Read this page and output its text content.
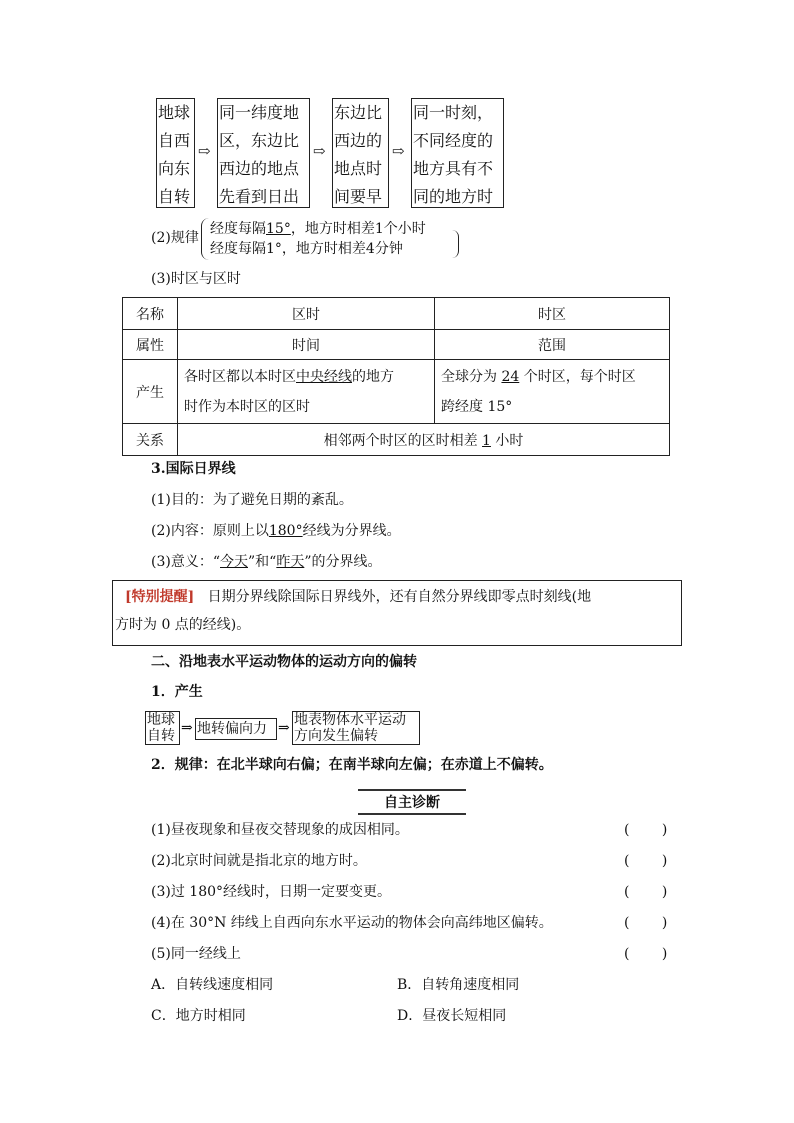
地球
自西
向东
自转
⇨
同一纬度地
区，东边比
西边的地点
先看到日出
⇨
东边比
西边的
地点时
间要早
⇨
同一时刻，
不同经度的
地方具有不
同的地方时
(2)规律
经度每隔15°，地方时相差1个小时
经度每隔1°，地方时相差4分钟
(3)时区与区时
名称	区时	时区
属性	时间	范围
产生	各时区都以本时区中央经线的地方
时作为本时区的区时	全球分为 24 个时区，每个时区
跨经度 15°
关系	相邻两个时区的区时相差 1 小时	
3.国际日界线
(1)目的：为了避免日期的紊乱。
(2)内容：原则上以180°经线为分界线。
(3)意义：“今天”和“昨天”的分界线。
[特别提醒] 日期分界线除国际日界线外，还有自然分界线即零点时刻线(地
方时为 0 点的经线)。
二、沿地表水平运动物体的运动方向的偏转
1．产生
地球
自转 ⇒ 地转偏向力 ⇒ 地表物体水平运动
方向发生偏转
2．规律：在北半球向右偏；在南半球向左偏；在赤道上不偏转。
自主诊断
(1)昼夜现象和昼夜交替现象的成因相同。	( )
(2)北京时间就是指北京的地方时。	( )
(3)过 180°经线时，日期一定要变更。	( )
(4)在 30°N 纬线上自西向东水平运动的物体会向高纬地区偏转。	( )
(5)同一经线上	( )
A．自转线速度相同	B．自转角速度相同
C．地方时相同	D．昼夜长短相同
